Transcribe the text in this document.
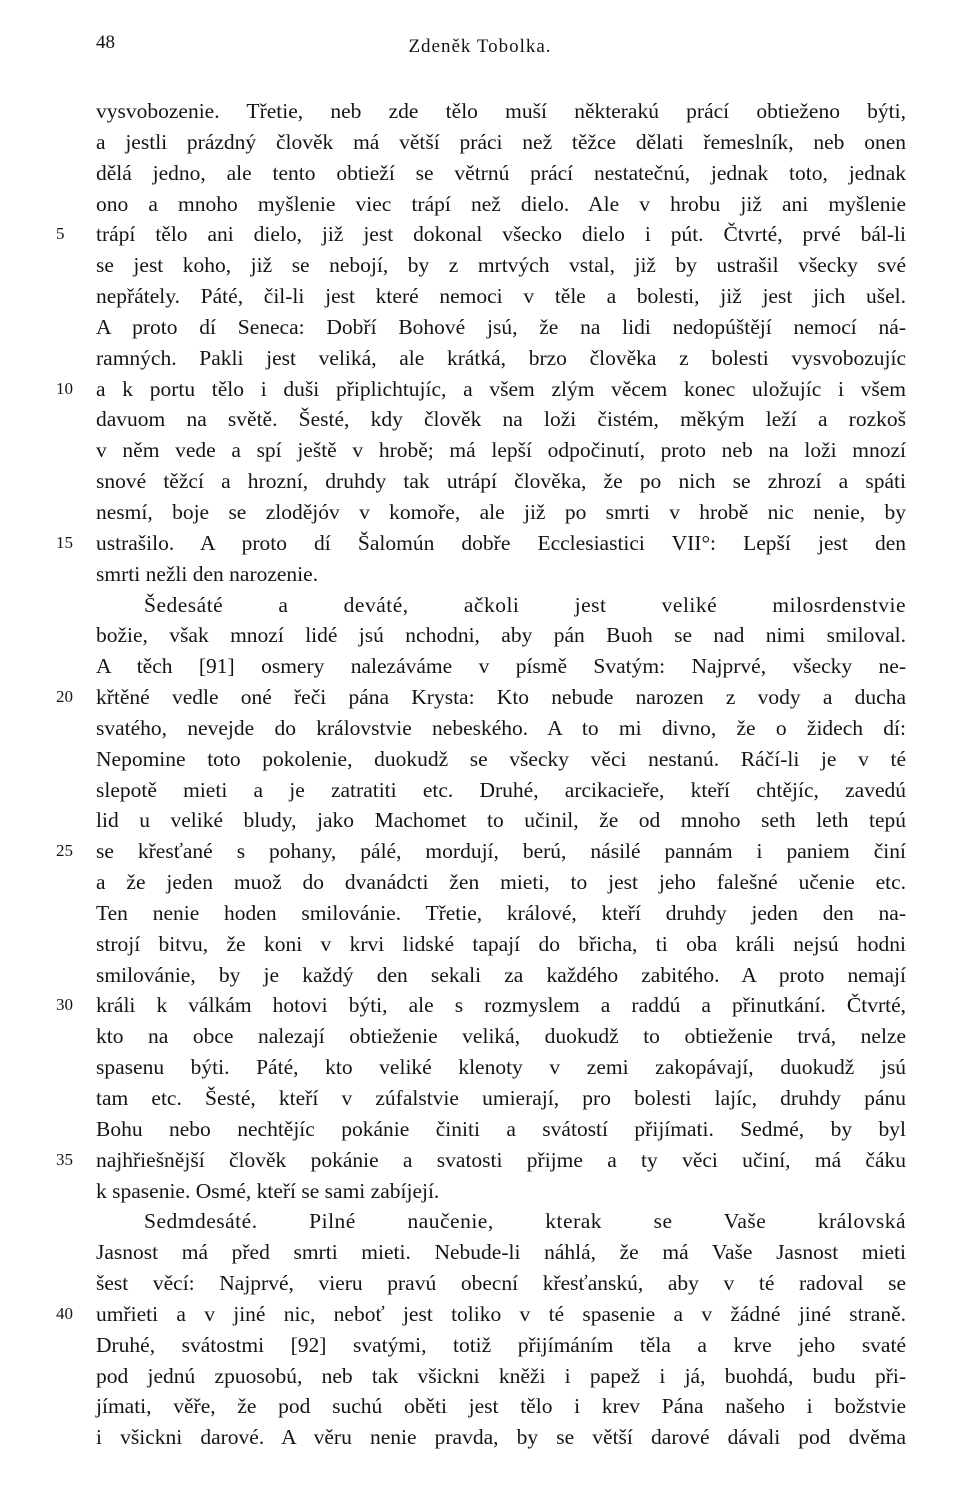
48	Zdeněk Tobolka.
vysvobozenie. Třetie, neb zde tělo muší některakú prácí obtieženo býti,
a jestli prázdný člověk má větší práci než těžce dělati řemeslník, neb onen
dělá jedno, ale tento obtieží se větrnú prácí nestatečnú, jednak toto, jednak
ono a mnoho myšlenie viec trápí než dielo. Ale v hrobu již ani myšlenie
5	trápí tělo ani dielo, již jest dokonal všecko dielo i pút. Čtvrté, prvé bál-li
se jest koho, již se nebojí, by z mrtvých vstal, již by ustrašil všecky své
nepřátely. Páté, čil-li jest které nemoci v těle a bolesti, již jest jich ušel.
A proto dí Seneca: Dobří Bohové jsú, že na lidi nedopúštějí nemocí ná-
ramných. Pakli jest veliká, ale krátká, brzo člověka z bolesti vysvobozujíc
10	a k portu tělo i duši připlichtujíc, a všem zlým věcem konec uložujíc i všem
davuom na světě. Šesté, kdy člověk na loži čistém, měkým leží a rozkoš
v něm vede a spí ještě v hrobě; má lepší odpočinutí, proto neb na loži mnozí
snové těžcí a hrozní, druhdy tak utrápí člověka, že po nich se zhrozí a spáti
nesmí, boje se zlodějóv v komoře, ale již po smrti v hrobě nic nenie, by
15	ustrašilo. A proto dí Šalomún dobře Ecclesiastici VII°: Lepší jest den
smrti nežli den narozenie.
Šedesáté a deváté, ačkoli jest veliké milosrdenstvie
božie, však mnozí lidé jsú nchodni, aby pán Buoh se nad nimi smiloval.
A těch [91] osmery nalezáváme v písmě Svatým: Najprvé, všecky ne-
20	křtěné vedle oné řeči pána Krysta: Kto nebude narozen z vody a ducha
svatého, nevejde do královstvie nebeského. A to mi divno, že o židech dí:
Nepomine toto pokolenie, duokudž se všecky věci nestanú. Ráčí-li je v té
slepotě mieti a je zatratiti etc. Druhé, arcikacieře, kteří chtějíc, zavedú
lid u veliké bludy, jako Machomet to učinil, že od mnoho seth leth tepú
25	se křesťané s pohany, pálé, mordují, berú, násilé pannám i paniem činí
a že jeden muož do dvanádcti žen mieti, to jest jeho falešné učenie etc.
Ten nenie hoden smilovánie. Třetie, králové, kteří druhdy jeden den na-
strojí bitvu, že koni v krvi lidské tapají do břicha, ti oba králi nejsú hodni
smilovánie, by je každý den sekali za každého zabitého. A proto nemají
30	králi k válkám hotovi býti, ale s rozmyslem a raddú a přinutkání. Čtvrté,
kto na obce nalezají obtieženie veliká, duokudž to obtieženie trvá, nelze
spasenu býti. Páté, kto veliké klenoty v zemi zakopávají, duokudž jsú
tam etc. Šesté, kteří v zúfalstvie umierají, pro bolesti lajíc, druhdy pánu
Bohu nebo nechtějíc pokánie činiti a svátostí přijímati. Sedmé, by byl
35	najhřiešnější člověk pokánie a svatosti přijme a ty věci učiní, má čáku
k spasenie. Osmé, kteří se sami zabíjejí.
Sedmdesáté. Pilné naučenie, kterak se Vaše královská
Jasnost má před smrti mieti. Nebude-li náhlá, že má Vaše Jasnost mieti
šest věcí: Najprvé, vieru pravú obecní křesťanskú, aby v té radoval se
40	umřieti a v jiné nic, neboť jest toliko v té spasenie a v žádné jiné straně.
Druhé, svátostmi [92] svatými, totiž přijímáním těla a krve jeho svaté
pod jednú zpuosobú, neb tak všickni kněži i papež i já, buohdá, budu při-
jímati, věře, že pod suchú oběti jest tělo i krev Pána našeho i božstvie
i všickni darové. A věru nenie pravda, by se větší darové dávali pod dvěma
